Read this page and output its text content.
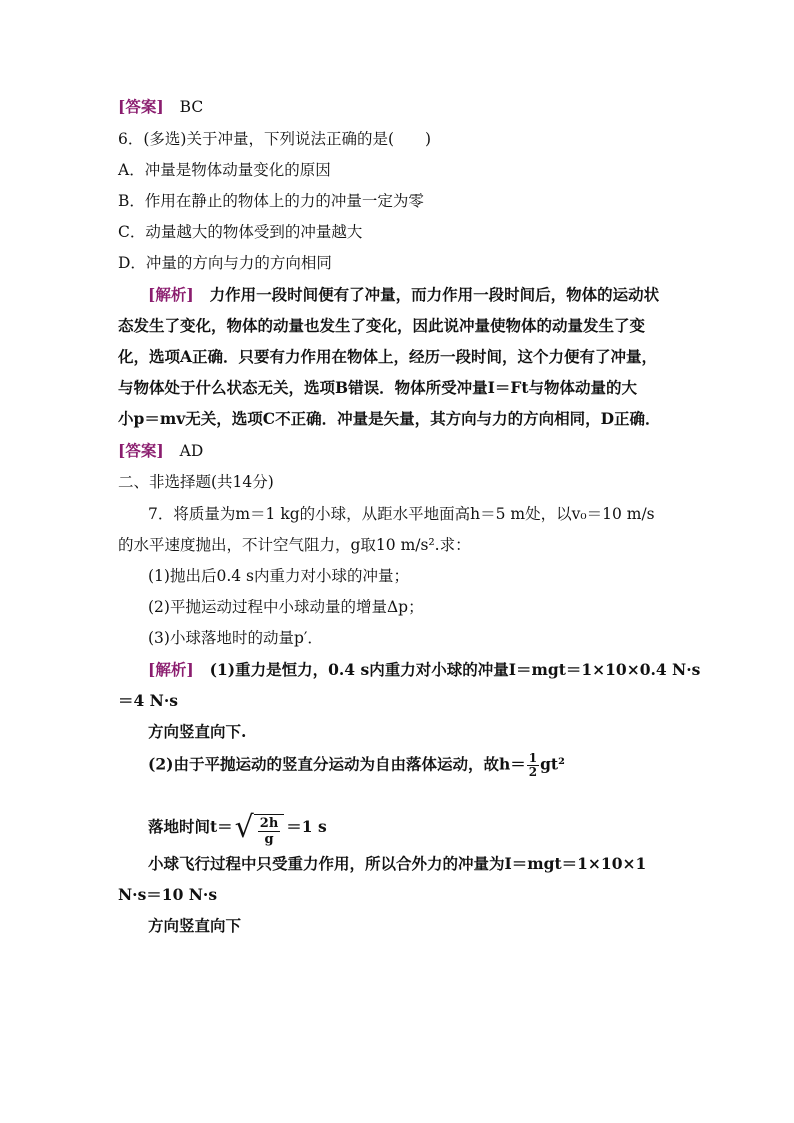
[答案] BC
6．(多选)关于冲量，下列说法正确的是(　　)
A．冲量是物体动量变化的原因
B．作用在静止的物体上的力的冲量一定为零
C．动量越大的物体受到的冲量越大
D．冲量的方向与力的方向相同
[解析] 力作用一段时间便有了冲量，而力作用一段时间后，物体的运动状
态发生了变化，物体的动量也发生了变化，因此说冲量使物体的动量发生了变
化，选项A正确．只要有力作用在物体上，经历一段时间，这个力便有了冲量，
与物体处于什么状态无关，选项B错误．物体所受冲量I＝Ft与物体动量的大
小p＝mv无关，选项C不正确．冲量是矢量，其方向与力的方向相同，D正确．
[答案] AD
二、非选择题(共14分)
7．将质量为m＝1 kg的小球，从距水平地面高h＝5 m处，以v₀＝10 m/s
的水平速度抛出，不计空气阻力，g取10 m/s².求：
(1)抛出后0.4 s内重力对小球的冲量；
(2)平抛运动过程中小球动量的增量Δp；
(3)小球落地时的动量p′．
[解析] (1)重力是恒力，0.4 s内重力对小球的冲量I＝mgt＝1×10×0.4 N·s
＝4 N·s
方向竖直向下.
(2)由于平抛运动的竖直分运动为自由落体运动，故$h= \frac{1}{2} gt^2$
落地时间t＝ √ $\frac{2h}{g} =1$ s
小球飞行过程中只受重力作用，所以合外力的冲量为I＝mgt＝1×10×1
N·s＝10 N·s
方向竖直向下
